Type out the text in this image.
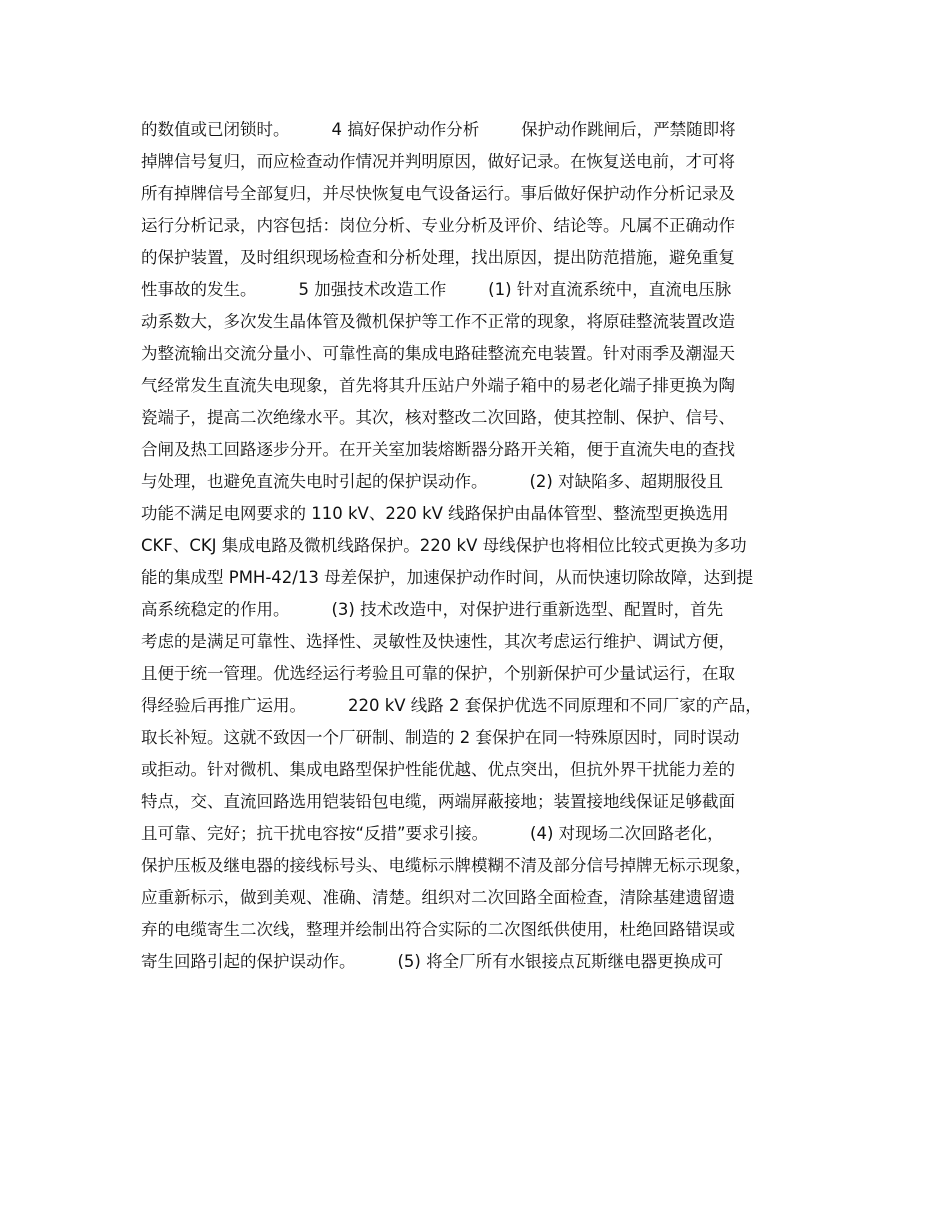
的数值或已闭锁时。        4 搞好保护动作分析        保护动作跳闸后，严禁随即将
掉牌信号复归，而应检查动作情况并判明原因，做好记录。在恢复送电前，才可将
所有掉牌信号全部复归，并尽快恢复电气设备运行。事后做好保护动作分析记录及
运行分析记录，内容包括：岗位分析、专业分析及评价、结论等。凡属不正确动作
的保护装置，及时组织现场检查和分析处理，找出原因，提出防范措施，避免重复
性事故的发生。        5 加强技术改造工作        (1) 针对直流系统中，直流电压脉
动系数大，多次发生晶体管及微机保护等工作不正常的现象，将原硅整流装置改造
为整流输出交流分量小、可靠性高的集成电路硅整流充电装置。针对雨季及潮湿天
气经常发生直流失电现象，首先将其升压站户外端子箱中的易老化端子排更换为陶
瓷端子，提高二次绝缘水平。其次，核对整改二次回路，使其控制、保护、信号、
合闸及热工回路逐步分开。在开关室加装熔断器分路开关箱，便于直流失电的查找
与处理，也避免直流失电时引起的保护误动作。        (2) 对缺陷多、超期服役且
功能不满足电网要求的 110 kV、220 kV 线路保护由晶体管型、整流型更换选用
CKF、CKJ 集成电路及微机线路保护。220 kV 母线保护也将相位比较式更换为多功
能的集成型 PMH-42/13 母差保护，加速保护动作时间，从而快速切除故障，达到提
高系统稳定的作用。        (3) 技术改造中，对保护进行重新选型、配置时，首先
考虑的是满足可靠性、选择性、灵敏性及快速性，其次考虑运行维护、调试方便，
且便于统一管理。优选经运行考验且可靠的保护，个别新保护可少量试运行，在取
得经验后再推广运用。        220 kV 线路 2 套保护优选不同原理和不同厂家的产品，
取长补短。这就不致因一个厂研制、制造的 2 套保护在同一特殊原因时，同时误动
或拒动。针对微机、集成电路型保护性能优越、优点突出，但抗外界干扰能力差的
特点，交、直流回路选用铠装铅包电缆，两端屏蔽接地；装置接地线保证足够截面
且可靠、完好；抗干扰电容按“反措”要求引接。        (4) 对现场二次回路老化，
保护压板及继电器的接线标号头、电缆标示牌模糊不清及部分信号掉牌无标示现象，
应重新标示，做到美观、准确、清楚。组织对二次回路全面检查，清除基建遗留遗
弃的电缆寄生二次线，整理并绘制出符合实际的二次图纸供使用，杜绝回路错误或
寄生回路引起的保护误动作。        (5) 将全厂所有水银接点瓦斯继电器更换成可
